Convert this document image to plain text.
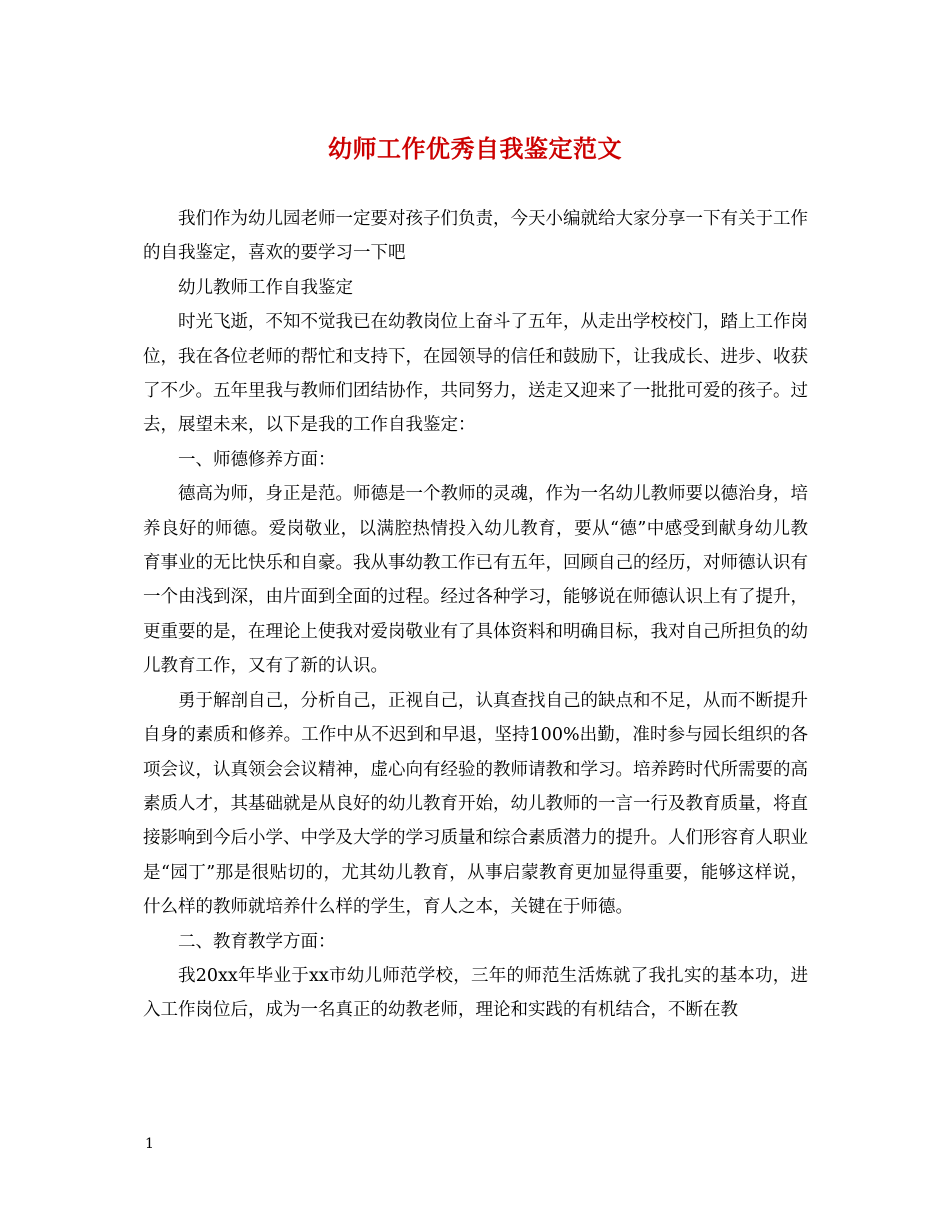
幼师工作优秀自我鉴定范文

我们作为幼儿园老师一定要对孩子们负责，今天小编就给大家分享一下有关于工作的自我鉴定，喜欢的要学习一下吧

幼儿教师工作自我鉴定

时光飞逝，不知不觉我已在幼教岗位上奋斗了五年，从走出学校校门，踏上工作岗位，我在各位老师的帮忙和支持下，在园领导的信任和鼓励下，让我成长、进步、收获了不少。五年里我与教师们团结协作，共同努力，送走又迎来了一批批可爱的孩子。过去，展望未来，以下是我的工作自我鉴定：

一、师德修养方面：

德高为师，身正是范。师德是一个教师的灵魂，作为一名幼儿教师要以德治身，培养良好的师德。爱岗敬业，以满腔热情投入幼儿教育，要从“德”中感受到献身幼儿教育事业的无比快乐和自豪。我从事幼教工作已有五年，回顾自己的经历，对师德认识有一个由浅到深，由片面到全面的过程。经过各种学习，能够说在师德认识上有了提升，更重要的是，在理论上使我对爱岗敬业有了具体资料和明确目标，我对自己所担负的幼儿教育工作，又有了新的认识。

勇于解剖自己，分析自己，正视自己，认真查找自己的缺点和不足，从而不断提升自身的素质和修养。工作中从不迟到和早退，坚持100%出勤，准时参与园长组织的各项会议，认真领会会议精神，虚心向有经验的教师请教和学习。培养跨时代所需要的高素质人才，其基础就是从良好的幼儿教育开始，幼儿教师的一言一行及教育质量，将直接影响到今后小学、中学及大学的学习质量和综合素质潜力的提升。人们形容育人职业是“园丁”那是很贴切的，尤其幼儿教育，从事启蒙教育更加显得重要，能够这样说，什么样的教师就培养什么样的学生，育人之本，关键在于师德。

二、教育教学方面：

我20xx年毕业于xx市幼儿师范学校，三年的师范生活炼就了我扎实的基本功，进入工作岗位后，成为一名真正的幼教老师，理论和实践的有机结合，不断在教

1
